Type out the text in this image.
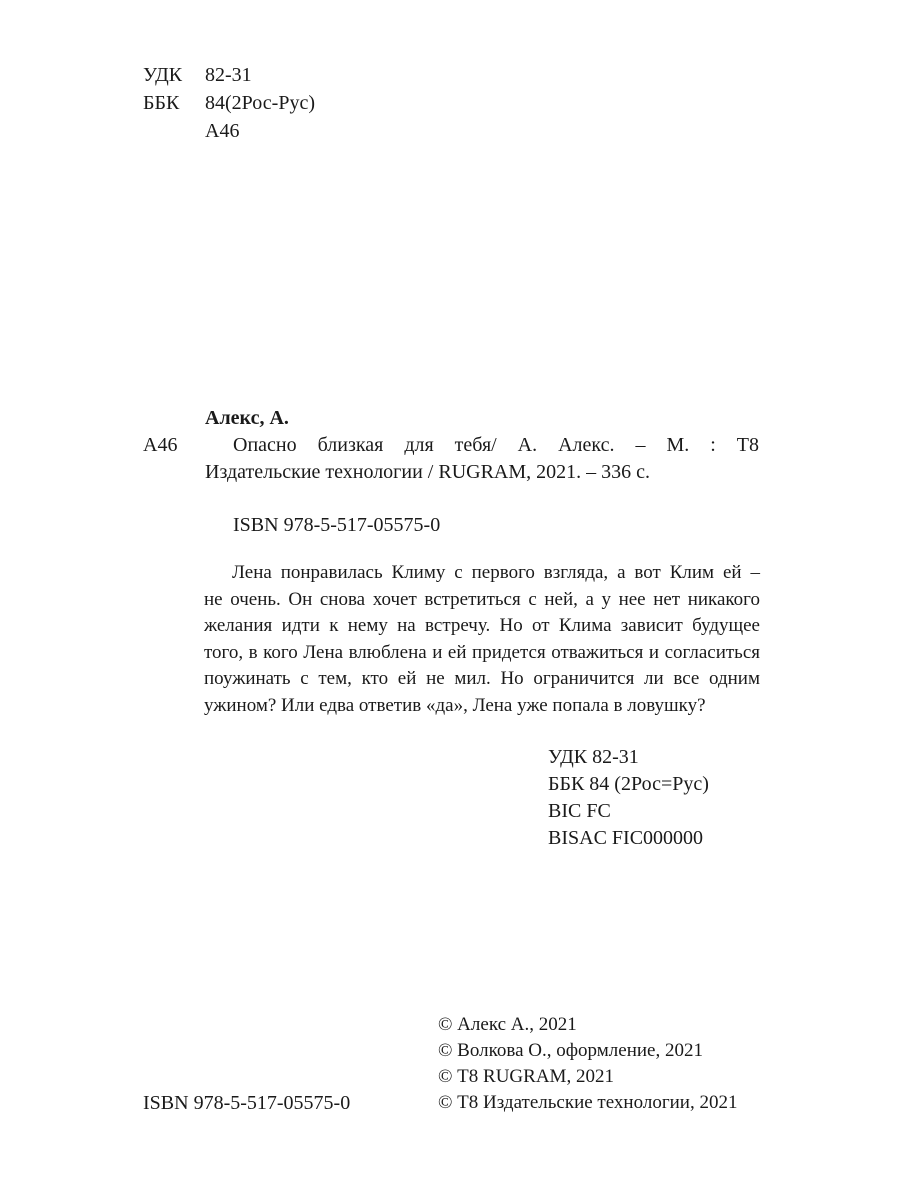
УДК 82-31
ББК 84(2Рос-Рус)
А46
Алекс, А.
А46	Опасно близкая для тебя/ А. Алекс. – М. : Т8
Издательские технологии / RUGRAM, 2021. – 336 с.
ISBN 978-5-517-05575-0
Лена понравилась Климу с первого взгляда, а вот Клим ей –
не очень. Он снова хочет встретиться с ней, а у нее нет никакого
желания идти к нему на встречу. Но от Клима зависит будущее
того, в кого Лена влюблена и ей придется отважиться и согласиться
поужинать с тем, кто ей не мил. Но ограничится ли все одним
ужином? Или едва ответив «да», Лена уже попала в ловушку?
УДК 82-31
ББК 84 (2Рос=Рус)
BIC FC
BISAC FIC000000
ISBN 978-5-517-05575-0
© Алекс А., 2021
© Волкова О., оформление, 2021
© Т8 RUGRAM, 2021
© Т8 Издательские технологии, 2021
